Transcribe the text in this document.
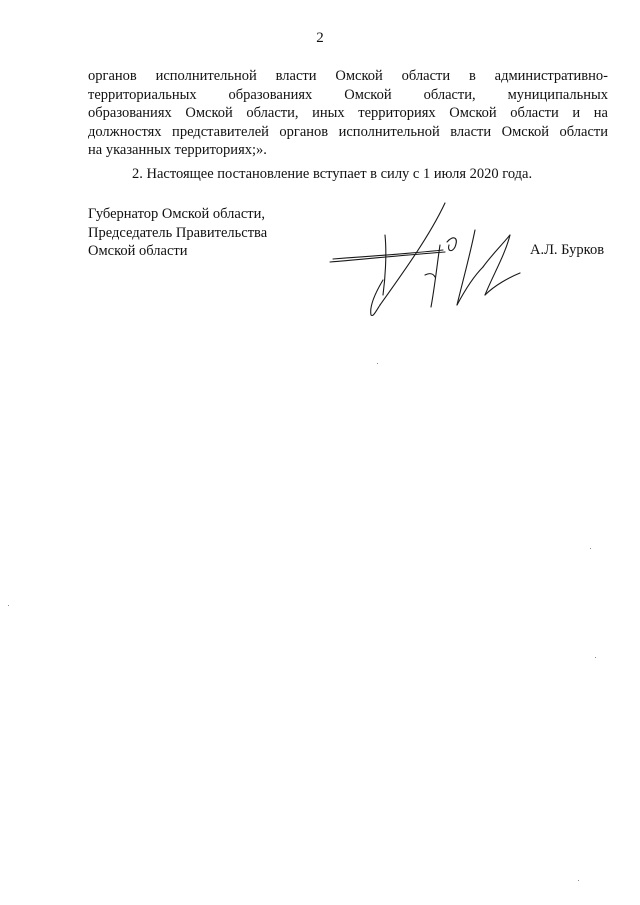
2

органов исполнительной власти Омской области в административно-
территориальных образованиях Омской области, муниципальных
образованиях Омской области, иных территориях Омской области и на
должностях представителей органов исполнительной власти Омской области
на указанных территориях;».

2. Настоящее постановление вступает в силу с 1 июля 2020 года.

Губернатор Омской области,
Председатель Правительства
Омской области	А.Л. Бурков
